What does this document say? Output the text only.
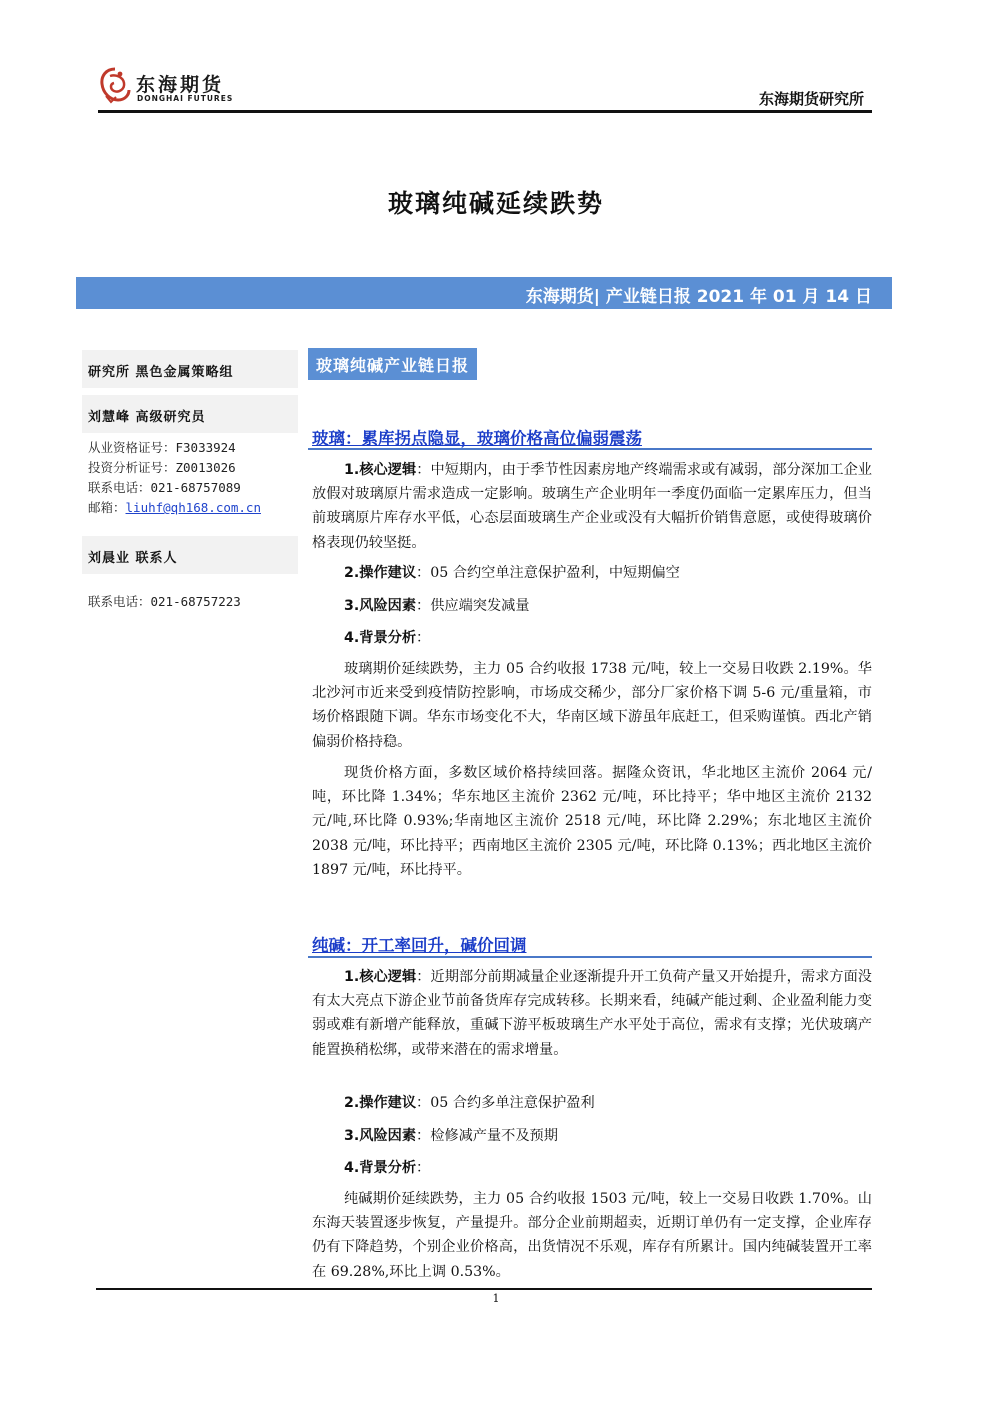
东海期货
DONGHAI FUTURES	东海期货研究所
玻璃纯碱延续跌势
东海期货| 产业链日报 2021 年 01 月 14 日
研究所 黑色金属策略组
刘慧峰 高级研究员
从业资格证号：F3033924
投资分析证号：Z0013026
联系电话：021-68757089
邮箱：liuhf@qh168.com.cn
刘晨业 联系人
联系电话：021-68757223
玻璃纯碱产业链日报
玻璃：累库拐点隐显，玻璃价格高位偏弱震荡
1.核心逻辑：中短期内，由于季节性因素房地产终端需求或有减弱，部分深加工企业放假对玻璃原片需求造成一定影响。玻璃生产企业明年一季度仍面临一定累库压力，但当前玻璃原片库存水平低，心态层面玻璃生产企业或没有大幅折价销售意愿，或使得玻璃价格表现仍较坚挺。
2.操作建议：05 合约空单注意保护盈利，中短期偏空
3.风险因素：供应端突发减量
4.背景分析：
玻璃期价延续跌势，主力 05 合约收报 1738 元/吨，较上一交易日收跌 2.19%。华北沙河市近来受到疫情防控影响，市场成交稀少，部分厂家价格下调 5-6 元/重量箱，市场价格跟随下调。华东市场变化不大，华南区域下游虽年底赶工，但采购谨慎。西北产销偏弱价格持稳。
现货价格方面，多数区域价格持续回落。据隆众资讯，华北地区主流价 2064 元/吨，环比降 1.34%；华东地区主流价 2362 元/吨，环比持平；华中地区主流价 2132 元/吨,环比降 0.93%;华南地区主流价 2518 元/吨，环比降 2.29%；东北地区主流价 2038 元/吨，环比持平；西南地区主流价 2305 元/吨，环比降 0.13%；西北地区主流价 1897 元/吨，环比持平。
纯碱：开工率回升，碱价回调
1.核心逻辑：近期部分前期减量企业逐渐提升开工负荷产量又开始提升，需求方面没有太大亮点下游企业节前备货库存完成转移。长期来看，纯碱产能过剩、企业盈利能力变弱或难有新增产能释放，重碱下游平板玻璃生产水平处于高位，需求有支撑；光伏玻璃产能置换稍松绑，或带来潜在的需求增量。
2.操作建议：05 合约多单注意保护盈利
3.风险因素：检修减产量不及预期
4.背景分析：
纯碱期价延续跌势，主力 05 合约收报 1503 元/吨，较上一交易日收跌 1.70%。山东海天装置逐步恢复，产量提升。部分企业前期超卖，近期订单仍有一定支撑，企业库存仍有下降趋势，个别企业价格高，出货情况不乐观，库存有所累计。国内纯碱装置开工率在 69.28%,环比上调 0.53%。
1
